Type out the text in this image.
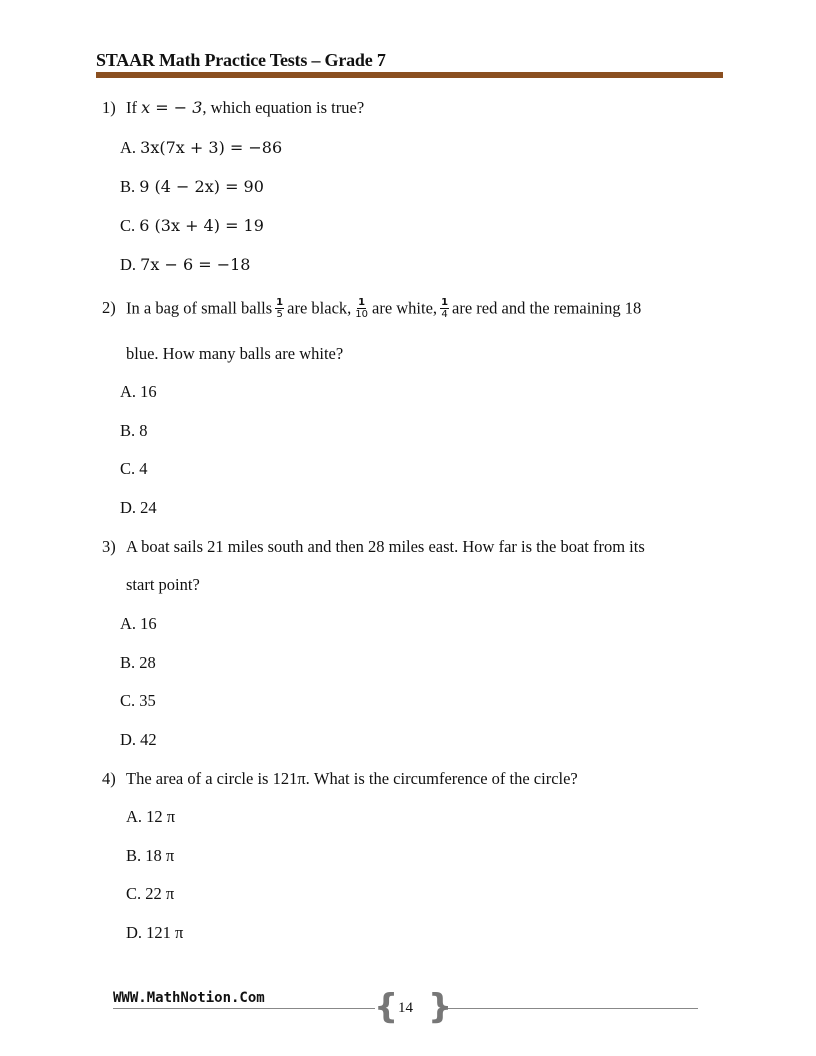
STAAR Math Practice Tests – Grade 7
1) If x = − 3, which equation is true?
A. 3x(7x + 3) = −86
B. 9 (4 − 2x) = 90
C. 6 (3x + 4) = 19
D. 7x − 6 = −18
2) In a bag of small balls $\frac{1}{5}$ are black, $\frac{1}{10}$ are white, $\frac{1}{4}$ are red and the remaining 18
blue. How many balls are white?
A. 16
B. 8
C. 4
D. 24
3) A boat sails 21 miles south and then 28 miles east. How far is the boat from its
start point?
A. 16
B. 28
C. 35
D. 42
4) The area of a circle is 121π. What is the circumference of the circle?
A. 12 π
B. 18 π
C. 22 π
D. 121 π
WWW.MathNotion.Com	{ 14 }
